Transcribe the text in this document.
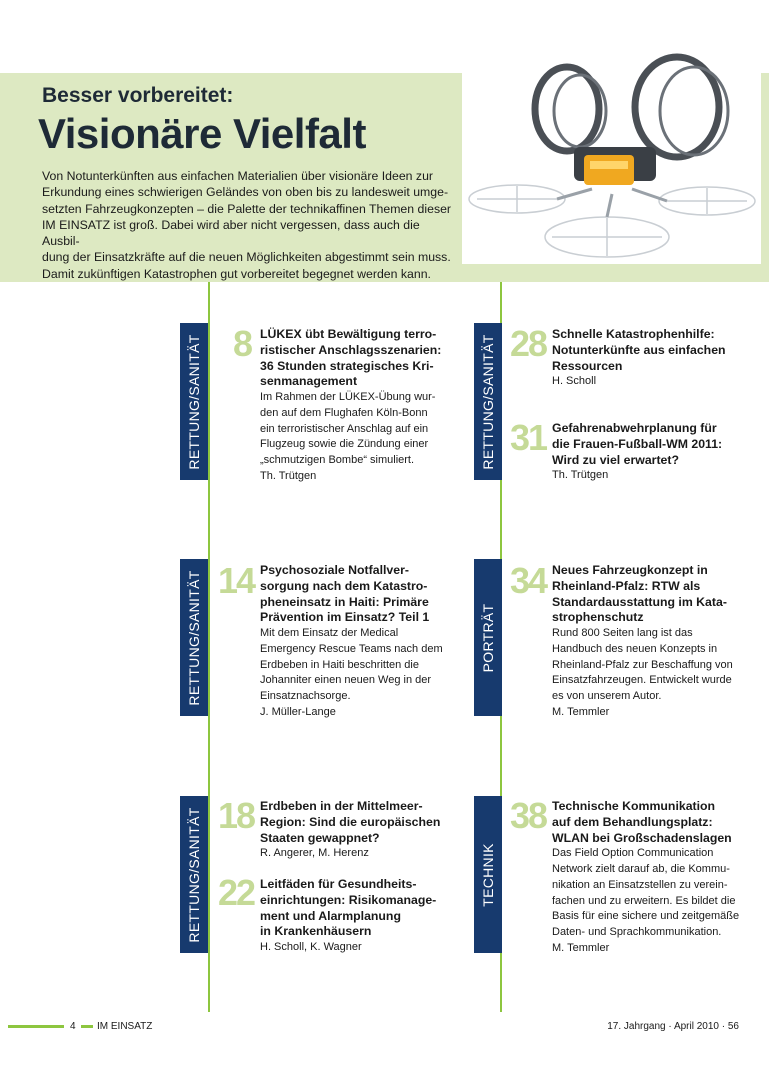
Besser vorbereitet:
Visionäre Vielfalt
Von Notunterkünften aus einfachen Materialien über visionäre Ideen zur
Erkundung eines schwierigen Geländes von oben bis zu landesweit umge-
setzten Fahrzeugkonzepten – die Palette der technikaffinen Themen dieser
IM EINSATZ ist groß. Dabei wird aber nicht vergessen, dass auch die Ausbil-
dung der Einsatzkräfte auf die neuen Möglichkeiten abgestimmt sein muss.
Damit zukünftigen Katastrophen gut vorbereitet begegnet werden kann.
RETTUNG/SANITÄT 8 LÜKEX übt Bewältigung terro-
ristischer Anschlagsszenarien:
36 Stunden strategisches Kri-
senmanagement
Im Rahmen der LÜKEX-Übung wur-
den auf dem Flughafen Köln-Bonn
ein terroristischer Anschlag auf ein
Flugzeug sowie die Zündung einer
„schmutzigen Bombe“ simuliert.
Th. Trütgen
RETTUNG/SANITÄT 28 Schnelle Katastrophenhilfe:
Notunterkünfte aus einfachen
Ressourcen
H. Scholl
31 Gefahrenabwehrplanung für
die Frauen-Fußball-WM 2011:
Wird zu viel erwartet?
Th. Trütgen
RETTUNG/SANITÄT 14 Psychosoziale Notfallver-
sorgung nach dem Katastro-
pheneinsatz in Haiti: Primäre
Prävention im Einsatz? Teil 1
Mit dem Einsatz der Medical
Emergency Rescue Teams nach dem
Erdbeben in Haiti beschritten die
Johanniter einen neuen Weg in der
Einsatznachsorge.
J. Müller-Lange
PORTRÄT
34 Neues Fahrzeugkonzept in
Rheinland-Pfalz: RTW als
Standardausstattung im Kata-
strophenschutz
Rund 800 Seiten lang ist das
Handbuch des neuen Konzepts in
Rheinland-Pfalz zur Beschaffung von
Einsatzfahrzeugen. Entwickelt wurde
es von unserem Autor.
M. Temmler
RETTUNG/SANITÄT 18 Erdbeben in der Mittelmeer-
Region: Sind die europäischen
Staaten gewappnet?
R. Angerer, M. Herenz
22 Leitfäden für Gesundheits-
einrichtungen: Risikomanage-
ment und Alarmplanung
in Krankenhäusern
H. Scholl, K. Wagner
TECHNIK
38 Technische Kommunikation
auf dem Behandlungsplatz:
WLAN bei Großschadenslagen
Das Field Option Communication
Network zielt darauf ab, die Kommu-
nikation an Einsatzstellen zu verein-
fachen und zu erweitern. Es bildet die
Basis für eine sichere und zeitgemäße
Daten- und Sprachkommunikation.
M. Temmler
4 IM EINSATZ	17. Jahrgang · April 2010 · 56
